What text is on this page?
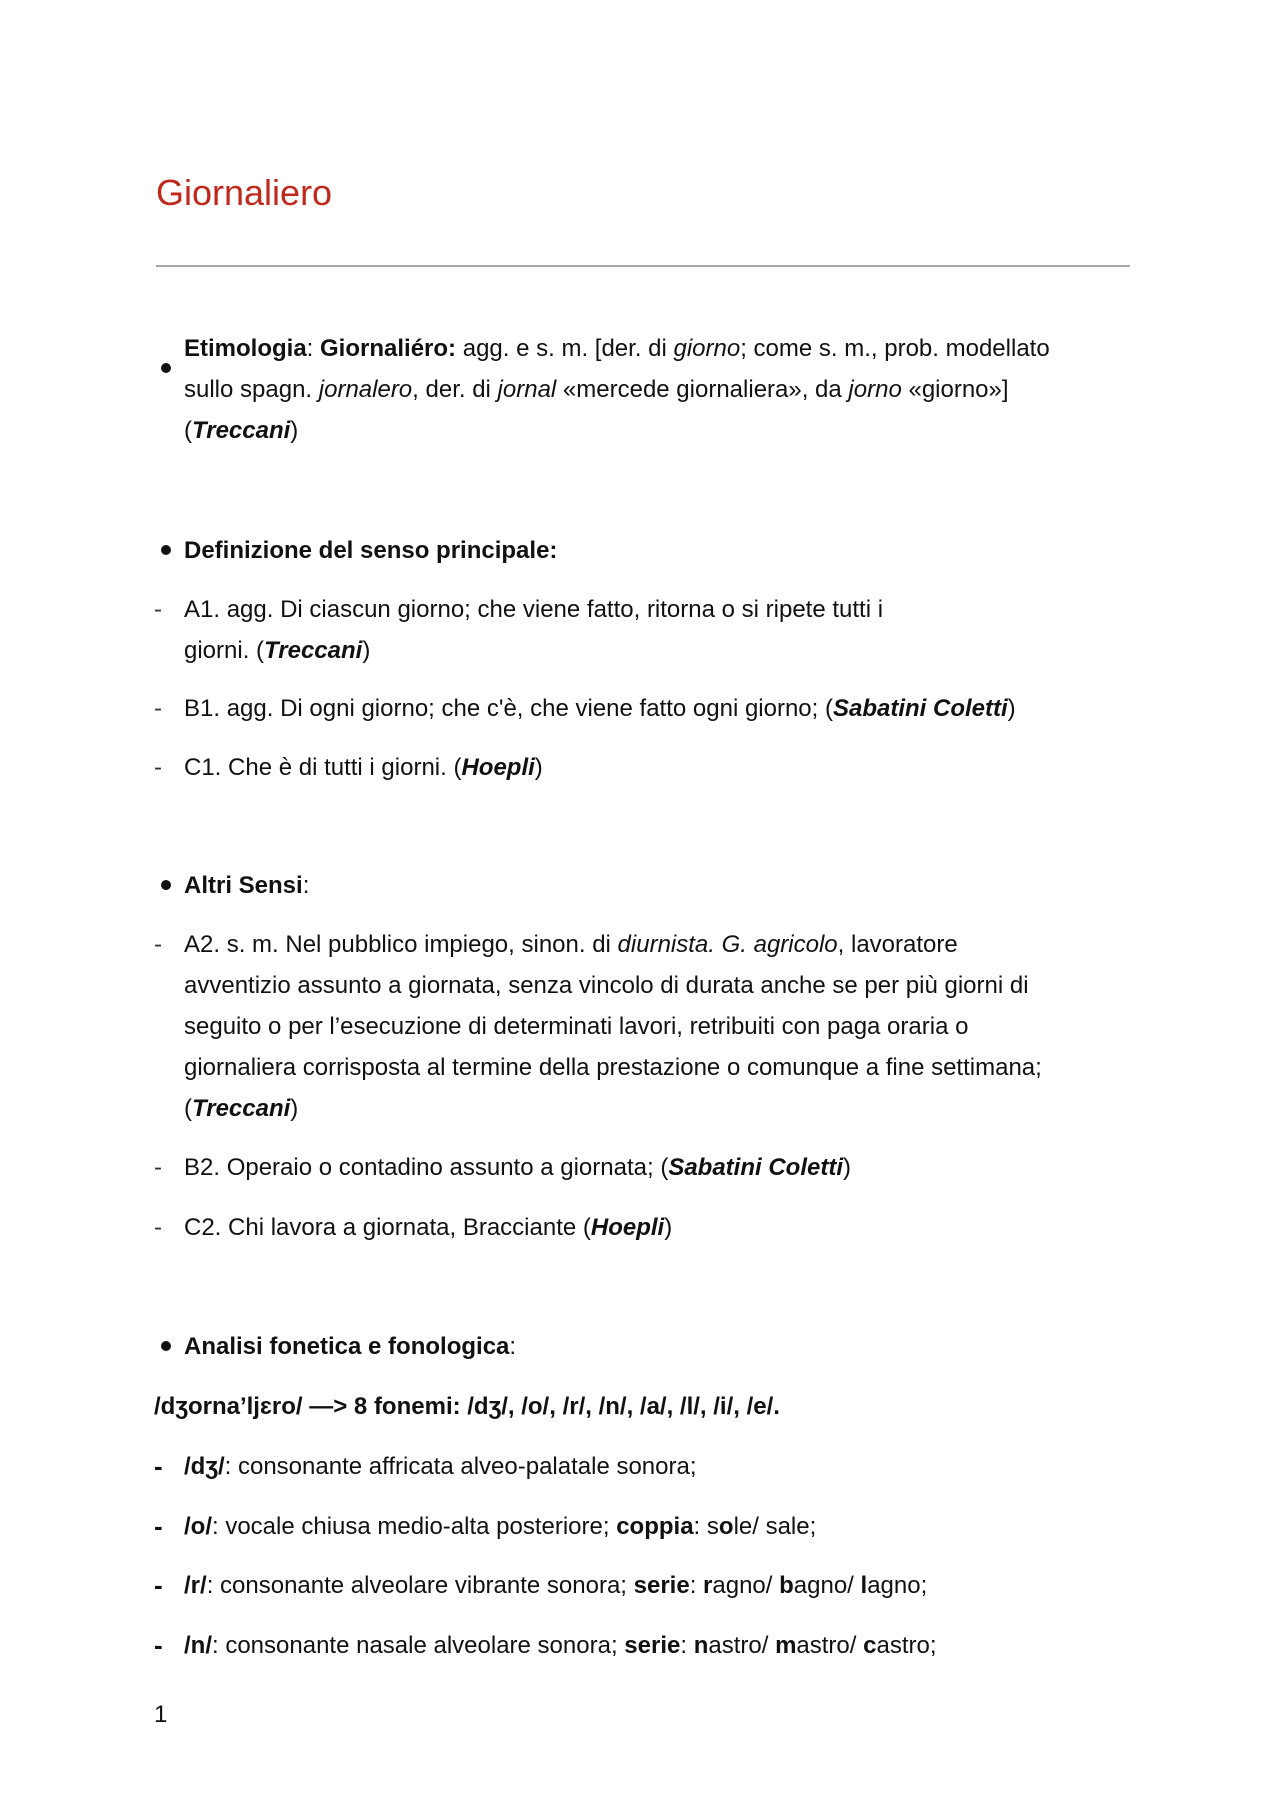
Giornaliero
Etimologia: Giornaliéro: agg. e s. m. [der. di giorno; come s. m., prob. modellato
sullo spagn. jornalero, der. di jornal «mercede giornaliera», da jorno «giorno»]
(Treccani)
Definizione del senso principale:
- A1. agg. Di ciascun giorno; che viene fatto, ritorna o si ripete tutti i
giorni. (Treccani)
- B1. agg. Di ogni giorno; che c'è, che viene fatto ogni giorno; (Sabatini Coletti)
- C1. Che è di tutti i giorni. (Hoepli)
Altri Sensi:
- A2. s. m. Nel pubblico impiego, sinon. di diurnista. G. agricolo, lavoratore
avventizio assunto a giornata, senza vincolo di durata anche se per più giorni di
seguito o per l’esecuzione di determinati lavori, retribuiti con paga oraria o
giornaliera corrisposta al termine della prestazione o comunque a fine settimana;
(Treccani)
- B2. Operaio o contadino assunto a giornata; (Sabatini Coletti)
- C2. Chi lavora a giornata, Bracciante (Hoepli)
Analisi fonetica e fonologica:
/dʒorna’ljɛro/ —> 8 fonemi: /dʒ/, /o/, /r/, /n/, /a/, /l/, /i/, /e/.
- /dʒ/: consonante affricata alveo-palatale sonora;
- /o/: vocale chiusa medio-alta posteriore; coppia: sole/ sale;
- /r/: consonante alveolare vibrante sonora; serie: ragno/ bagno/ lagno;
- /n/: consonante nasale alveolare sonora; serie: nastro/ mastro/ castro;
1
